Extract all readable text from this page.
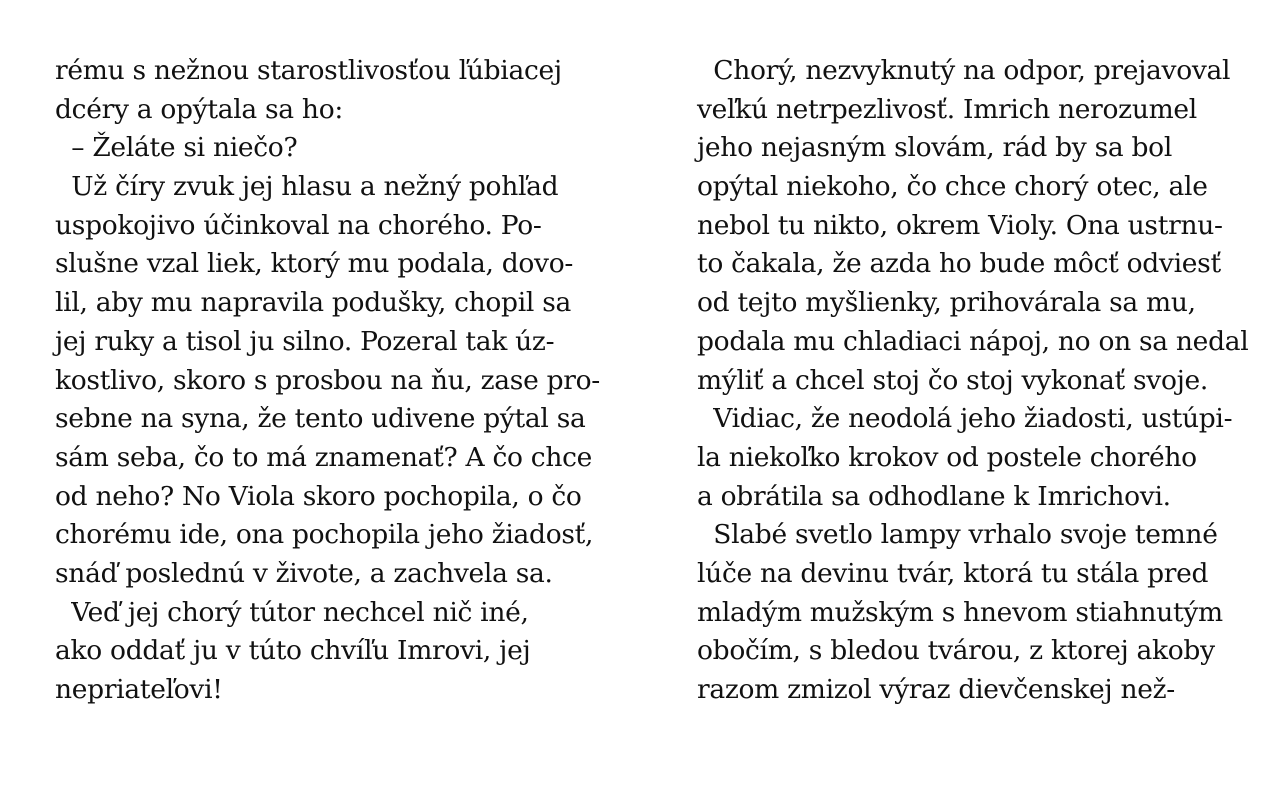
rému s nežnou starostlivosťou ľúbiacej
dcéry a opýtala sa ho:
– Želáte si niečo?
Už číry zvuk jej hlasu a nežný pohľad
uspokojivo účinkoval na chorého. Po-
slušne vzal liek, ktorý mu podala, dovo-
lil, aby mu napravila podušky, chopil sa
jej ruky a tisol ju silno. Pozeral tak úz-
kostlivo, skoro s prosbou na ňu, zase pro-
sebne na syna, že tento udivene pýtal sa
sám seba, čo to má znamenať? A čo chce
od neho? No Viola skoro pochopila, o čo
chorému ide, ona pochopila jeho žiadosť,
snáď poslednú v živote, a zachvela sa.
Veď jej chorý tútor nechcel nič iné,
ako oddať ju v túto chvíľu Imrovi, jej
nepriateľovi!
Chorý, nezvyknutý na odpor, prejavoval
veľkú netrpezlivosť. Imrich nerozumel
jeho nejasným slovám, rád by sa bol
opýtal niekoho, čo chce chorý otec, ale
nebol tu nikto, okrem Violy. Ona ustrnu-
to čakala, že azda ho bude môcť odviesť
od tejto myšlienky, prihovárala sa mu,
podala mu chladiaci nápoj, no on sa nedal
mýliť a chcel stoj čo stoj vykonať svoje.
Vidiac, že neodolá jeho žiadosti, ustúpi-
la niekoľko krokov od postele chorého
a obrátila sa odhodlane k Imrichovi.
Slabé svetlo lampy vrhalo svoje temné
lúče na devinu tvár, ktorá tu stála pred
mladým mužským s hnevom stiahnutým
obočím, s bledou tvárou, z ktorej akoby
razom zmizol výraz dievčenskej než-
